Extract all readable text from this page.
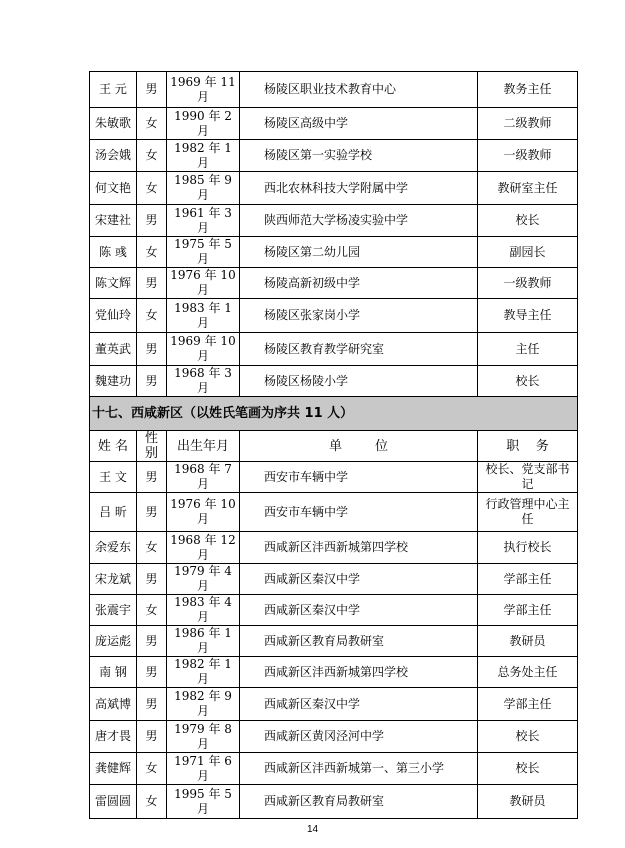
王 元	男	1969 年 11 月	杨陵区职业技术教育中心	教务主任
朱敏歌	女	1990 年 2 月	杨陵区高级中学	二级教师
汤会娥	女	1982 年 1 月	杨陵区第一实验学校	一级教师
何文艳	女	1985 年 9 月	西北农林科技大学附属中学	教研室主任
宋建社	男	1961 年 3 月	陕西师范大学杨凌实验中学	校长
陈 彧	女	1975 年 5 月	杨陵区第二幼儿园	副园长
陈文辉	男	1976 年 10 月	杨陵高新初级中学	一级教师
党仙玲	女	1983 年 1 月	杨陵区张家岗小学	教导主任
董英武	男	1969 年 10 月	杨陵区教育教学研究室	主任
魏建功	男	1968 年 3 月	杨陵区杨陵小学	校长
十七、西咸新区（以姓氏笔画为序共 11 人）				
姓 名	性别	出生年月	单        位	职    务
王 文	男	1968 年 7 月	西安市车辆中学	校长、党支部书记
吕 昕	男	1976 年 10 月	西安市车辆中学	行政管理中心主任
余爱东	女	1968 年 12 月	西咸新区沣西新城第四学校	执行校长
宋龙斌	男	1979 年 4 月	西咸新区秦汉中学	学部主任
张震宇	女	1983 年 4 月	西咸新区秦汉中学	学部主任
庞运彪	男	1986 年 1 月	西咸新区教育局教研室	教研员
南 钢	男	1982 年 1 月	西咸新区沣西新城第四学校	总务处主任
高斌博	男	1982 年 9 月	西咸新区秦汉中学	学部主任
唐才畏	男	1979 年 8 月	西咸新区黄冈泾河中学	校长
龚健辉	女	1971 年 6 月	西咸新区沣西新城第一、第三小学	校长
雷圆圆	女	1995 年 5 月	西咸新区教育局教研室	教研员
14
